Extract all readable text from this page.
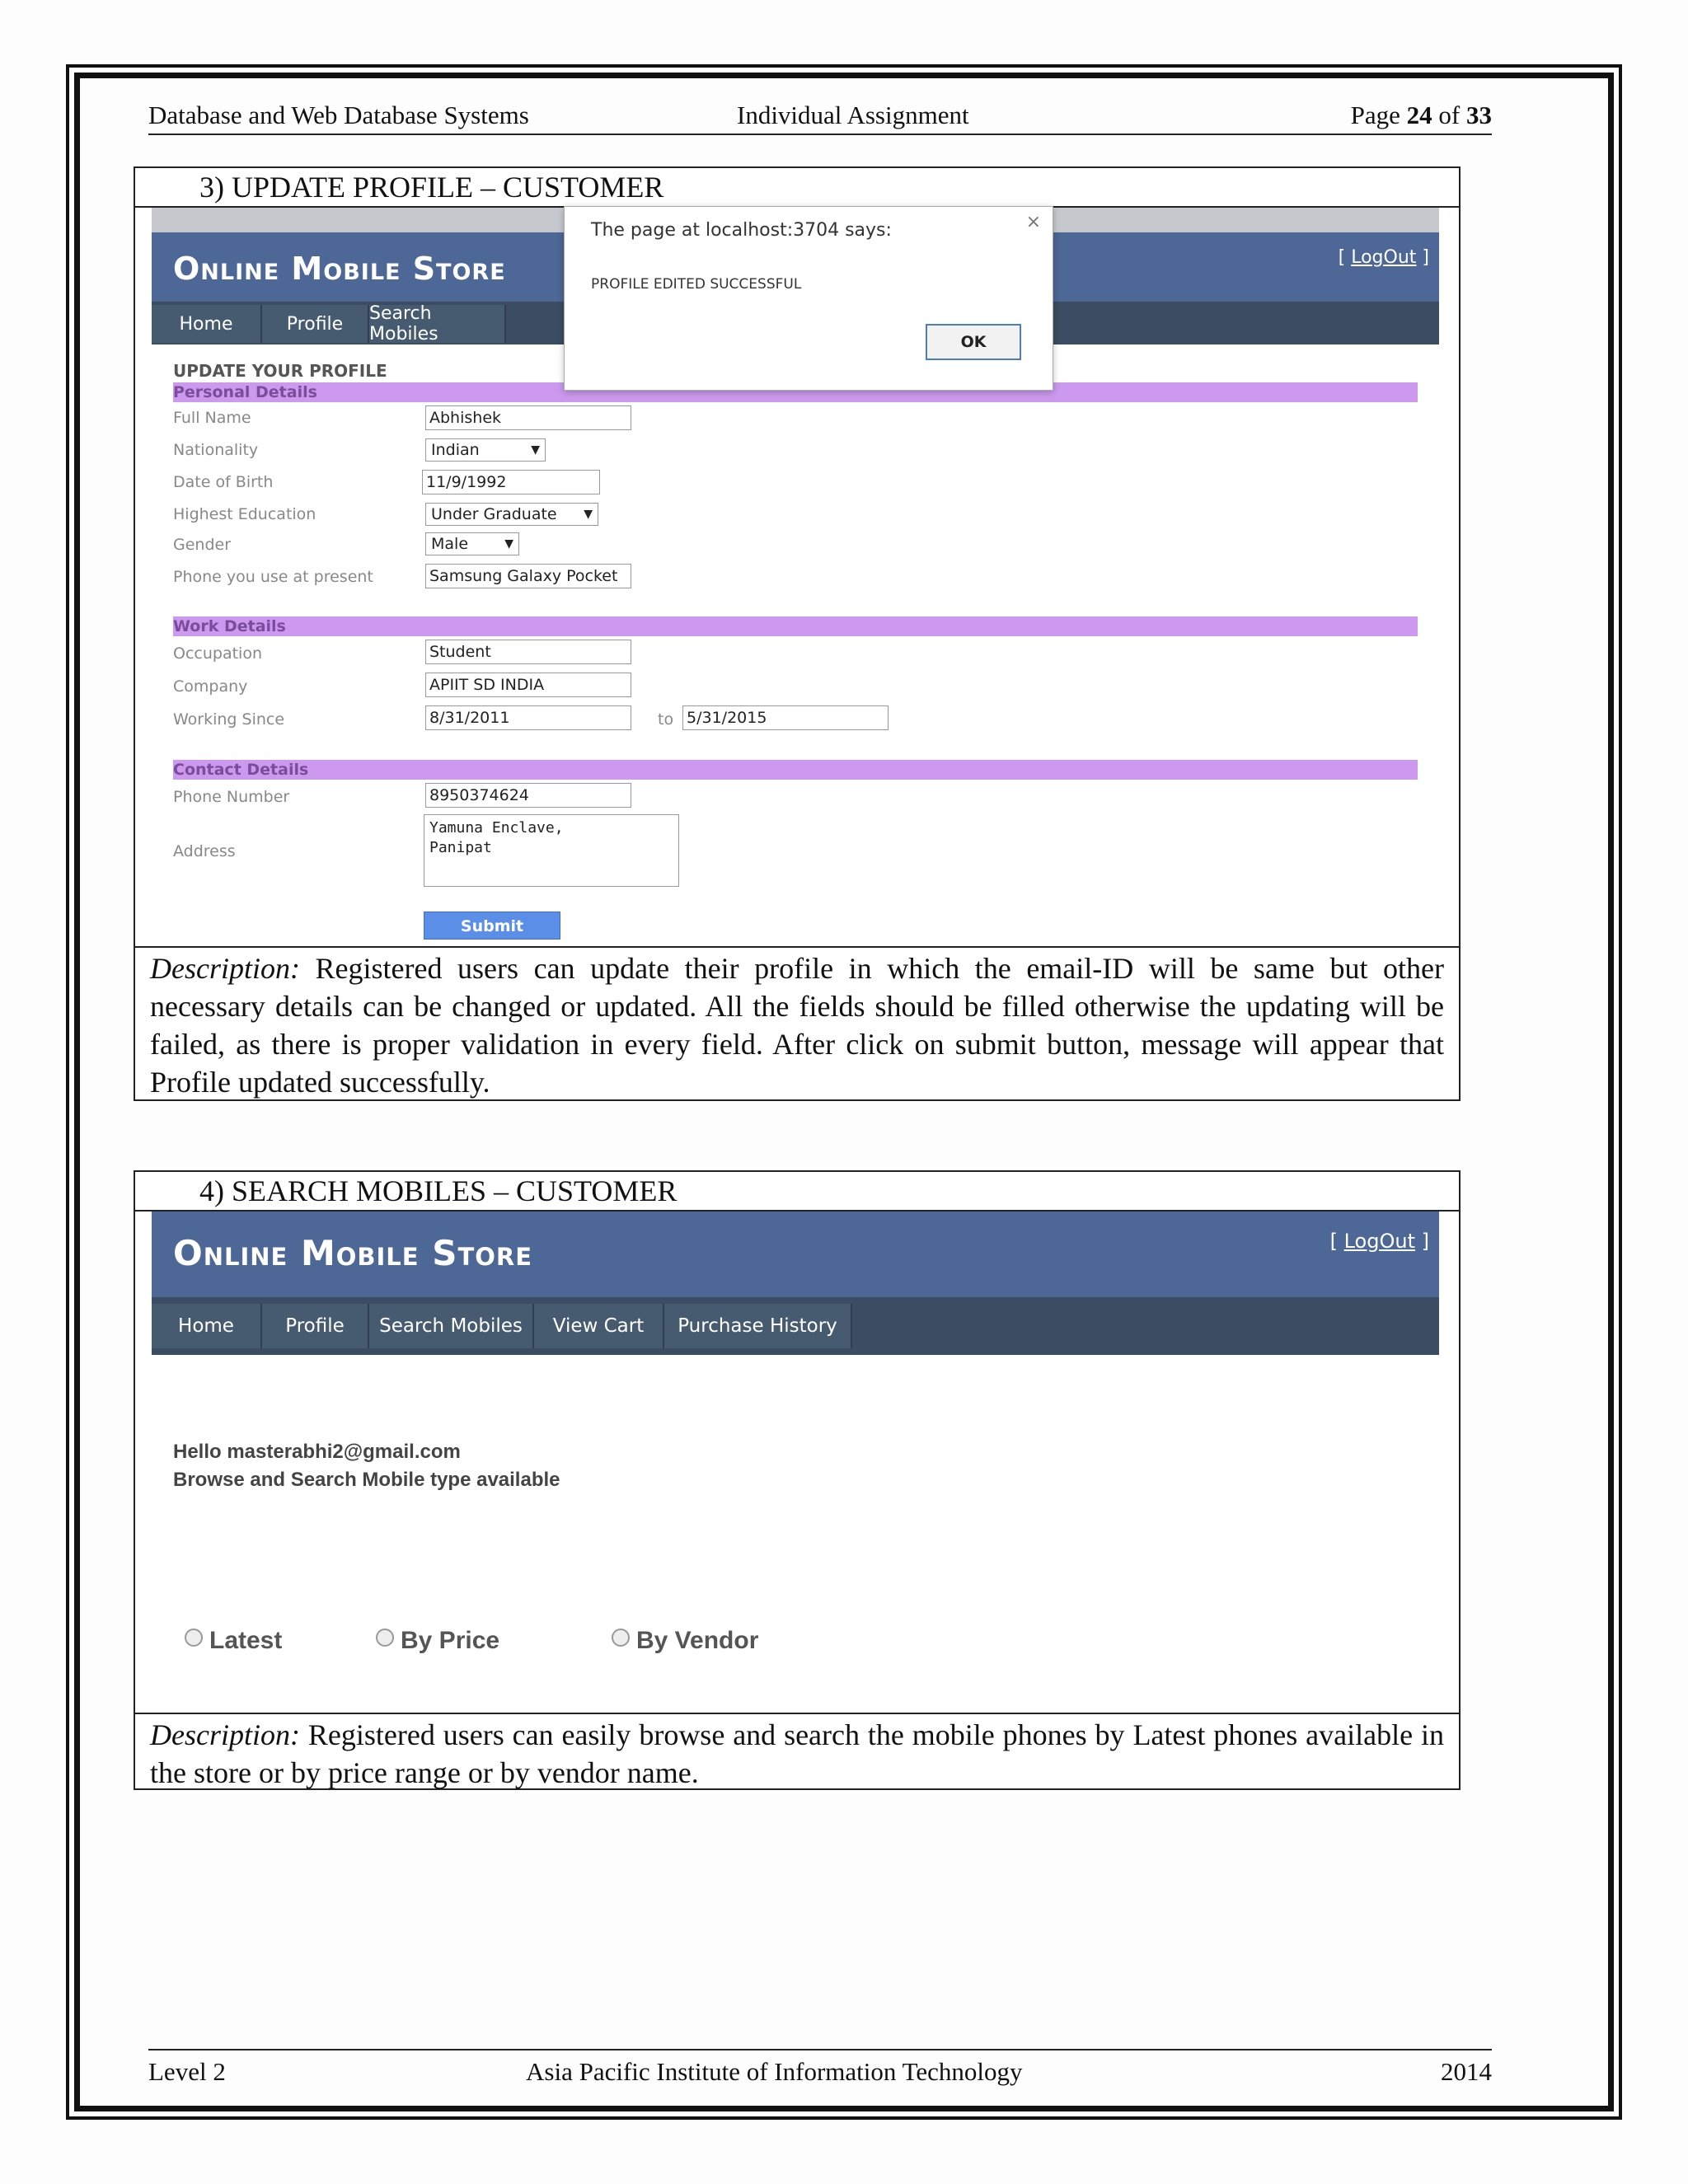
Database and Web Database Systems	Individual Assignment	Page 24 of 33
3) UPDATE PROFILE – CUSTOMER
Description: Registered users can update their profile in which the email-ID will be same but other necessary details can be changed or updated. All the fields should be filled otherwise the updating will be failed, as there is proper validation in every field. After click on submit button, message will appear that Profile updated successfully.
Online Mobile Store	[ LogOut ]
Home	Profile	Search Mobiles
UPDATE YOUR PROFILE
Personal Details
Full Name	Abhishek
Nationality	Indian	▼
Date of Birth	11/9/1992
Highest Education	Under Graduate ▼
Gender	Male	▼
Phone you use at present	Samsung Galaxy Pocket
Work Details
Occupation	Student
Company	APIIT SD INDIA
Working Since	8/31/2011	to 5/31/2015
Contact Details
Phone Number	8950374624
Address
Yamuna Enclave,
Panipat
Submit
The page at localhost:3704 says:	×
PROFILE EDITED SUCCESSFUL
OK
4) SEARCH MOBILES – CUSTOMER
Description: Registered users can easily browse and search the mobile phones by Latest phones available in the store or by price range or by vendor name.
Online Mobile Store	[ LogOut ]
Home	Profile	Search Mobiles	View Cart	Purchase History
Hello masterabhi2@gmail.com
Browse and Search Mobile type available
Latest	By Price	By Vendor
Level 2	Asia Pacific Institute of Information Technology	2014
